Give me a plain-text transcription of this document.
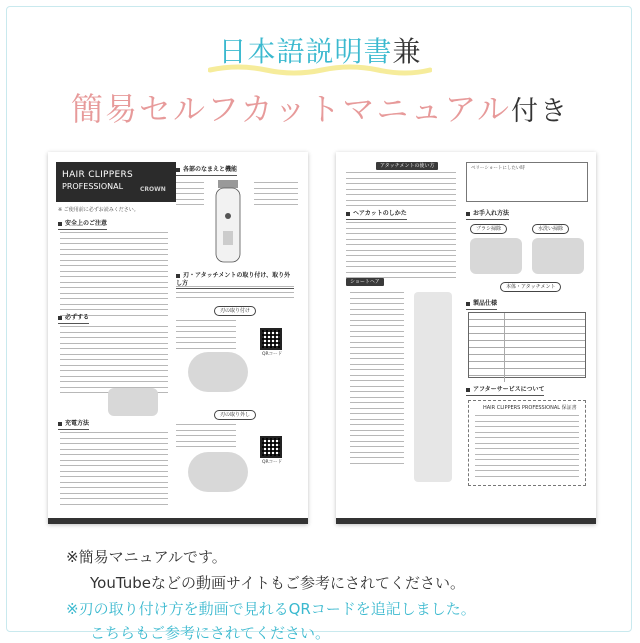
日本語説明書兼
簡易セルフカットマニュアル付き
HAIR CLIPPERS
PROFESSIONAL	CROWN
※ ご使用前に必ずお読みください。
安全上のご注意
必ずする
充電方法
各部のなまえと機能
刃・アタッチメントの取り付け、取り外し方
刃の取り付け
QRコード
刃の取り外し
QRコード
アタッチメントの使い方
ヘアカットのしかた
ショートヘア
ベリーショートにしたい時
お手入れ方法
ブラシ掃除	水洗い掃除
本体・アタッチメント
製品仕様
アフターサービスについて
HAIR CLIPPERS PROFESSIONAL 保証書
※簡易マニュアルです。
YouTubeなどの動画サイトもご参考にされてください。
※刃の取り付け方を動画で見れるQRコードを追記しました。
こちらもご参考にされてください。
